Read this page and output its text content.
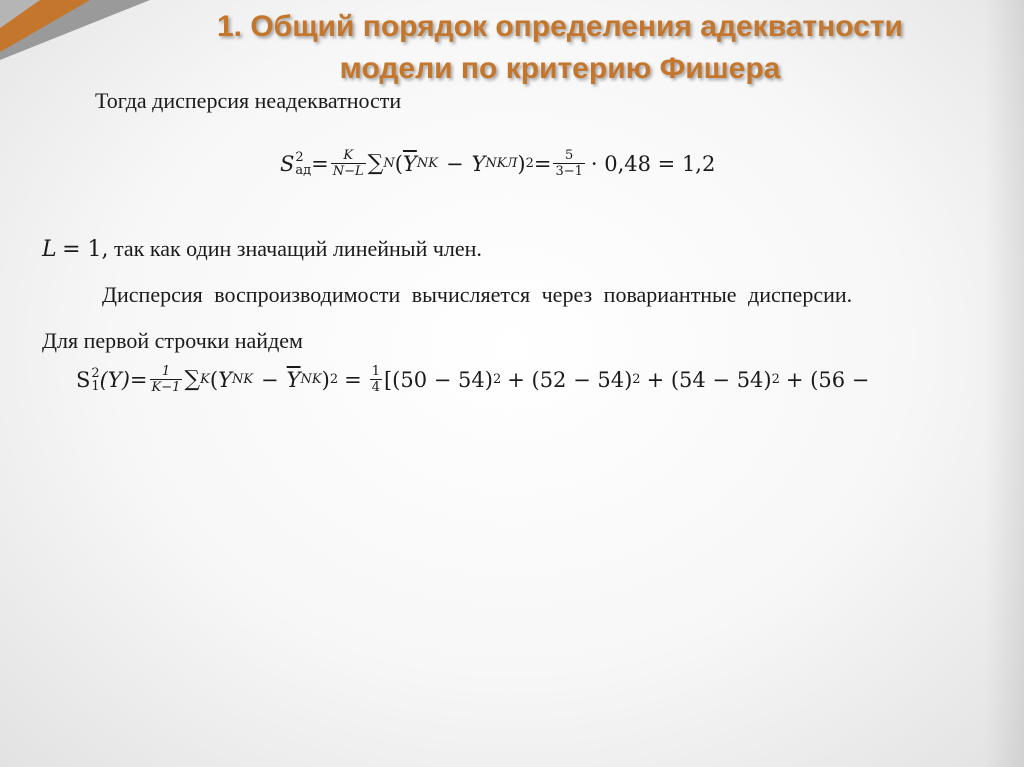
1. Общий порядок определения адекватности
модели по критерию Фишера
Тогда дисперсия неадекватности
S 2
ад = $\frac{K}{N-L}$ ∑ N ( $\overline{Y}$ NK − Y NKЛ ) $2 = \frac{5}{3-1} \cdot 0,48 = 1,2$
L = 1, так как один значащий линейный член.
Дисперсия воспроизводимости вычисляется через повариантные дисперсии.
Для первой строчки найдем
S 2
1 $(Y) = \frac{1}{K-1}$ ∑ K ( Y NK − $\overline{Y}$ NK ) $2 = \frac{1}{4} [(50 - 54) 2 + (52 - 54) 2 + (54 - 54) 2 + (56$ −
